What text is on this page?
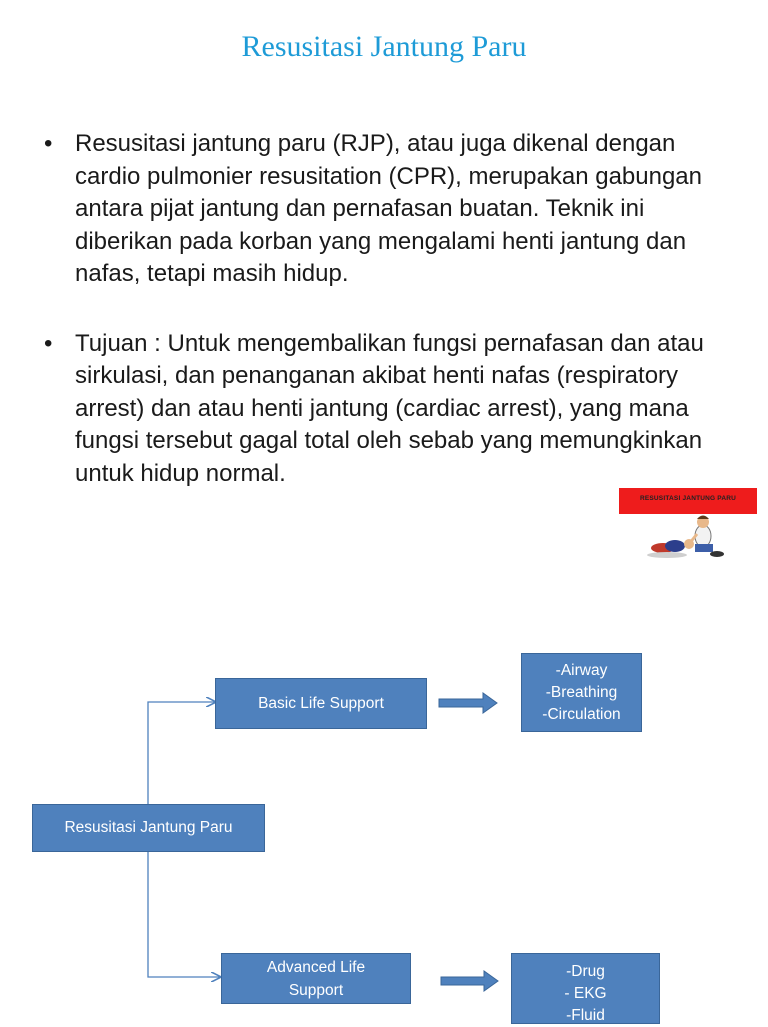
Resusitasi Jantung Paru
• Resusitasi jantung paru (RJP), atau juga dikenal dengan cardio pulmonier resusitation (CPR), merupakan gabungan antara pijat jantung dan pernafasan buatan. Teknik ini diberikan pada korban yang mengalami henti jantung dan nafas, tetapi masih hidup.
• Tujuan : Untuk mengembalikan fungsi pernafasan dan atau sirkulasi, dan penanganan akibat henti nafas (respiratory arrest) dan atau henti jantung (cardiac arrest), yang mana fungsi tersebut gagal total oleh sebab yang memungkinkan untuk hidup normal.
RESUSITASI JANTUNG PARU
Basic Life Support
-Airway
-Breathing
-Circulation
Resusitasi Jantung Paru
Advanced Life
Support
-Drug
- EKG
-Fluid
